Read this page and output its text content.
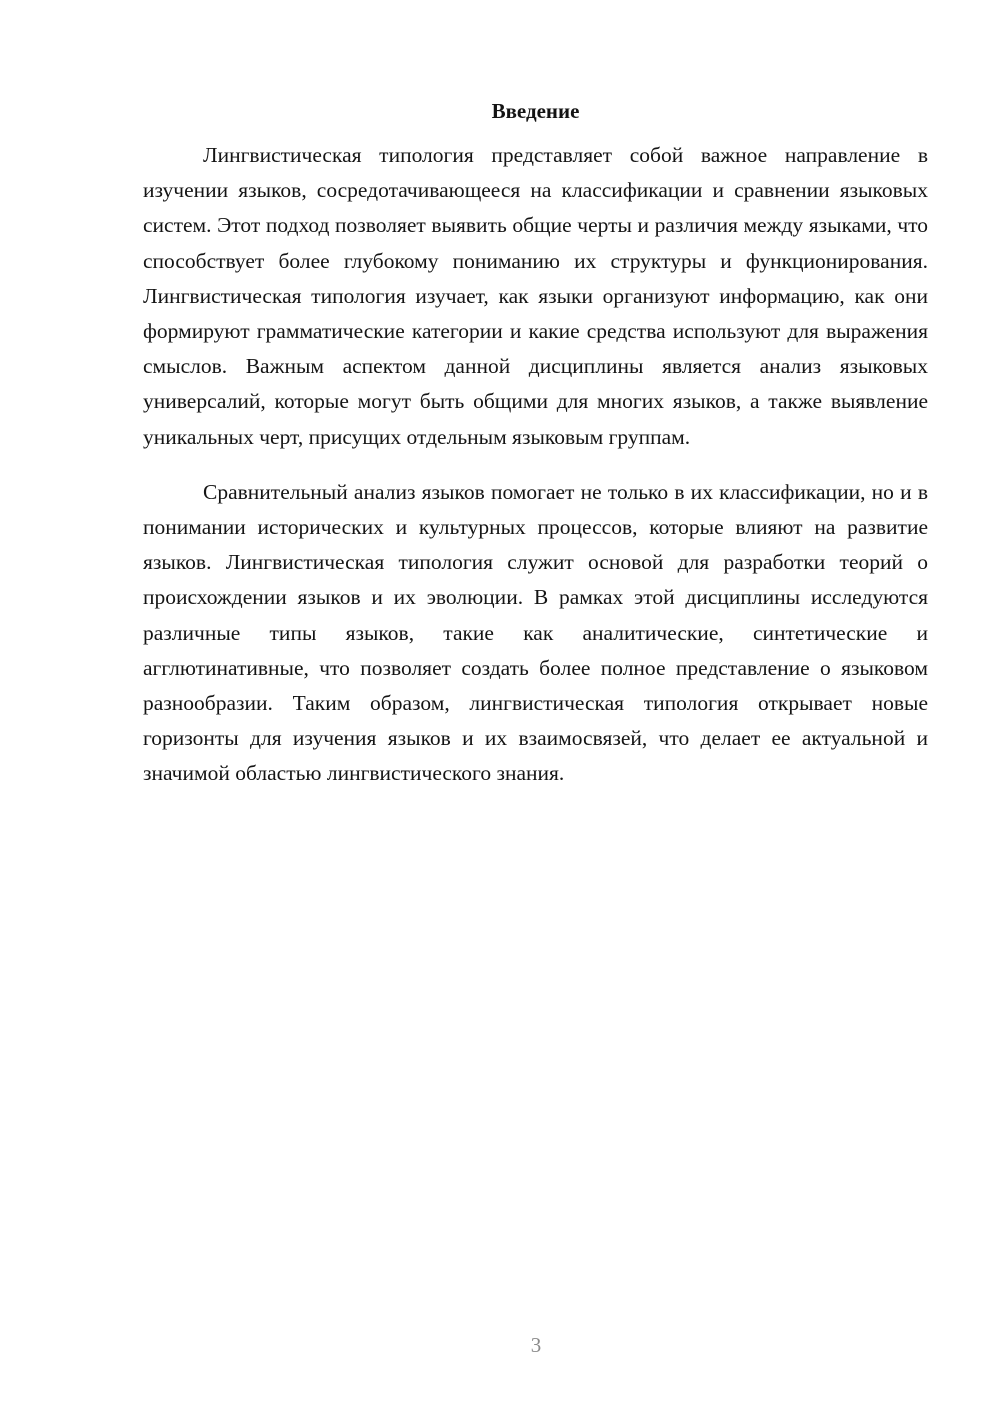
Введение

Лингвистическая типология представляет собой важное направление в изучении языков, сосредотачивающееся на классификации и сравнении языковых систем. Этот подход позволяет выявить общие черты и различия между языками, что способствует более глубокому пониманию их структуры и функционирования. Лингвистическая типология изучает, как языки организуют информацию, как они формируют грамматические категории и какие средства используют для выражения смыслов. Важным аспектом данной дисциплины является анализ языковых универсалий, которые могут быть общими для многих языков, а также выявление уникальных черт, присущих отдельным языковым группам.

Сравнительный анализ языков помогает не только в их классификации, но и в понимании исторических и культурных процессов, которые влияют на развитие языков. Лингвистическая типология служит основой для разработки теорий о происхождении языков и их эволюции. В рамках этой дисциплины исследуются различные типы языков, такие как аналитические, синтетические и агглютинативные, что позволяет создать более полное представление о языковом разнообразии. Таким образом, лингвистическая типология открывает новые горизонты для изучения языков и их взаимосвязей, что делает ее актуальной и значимой областью лингвистического знания.

3
